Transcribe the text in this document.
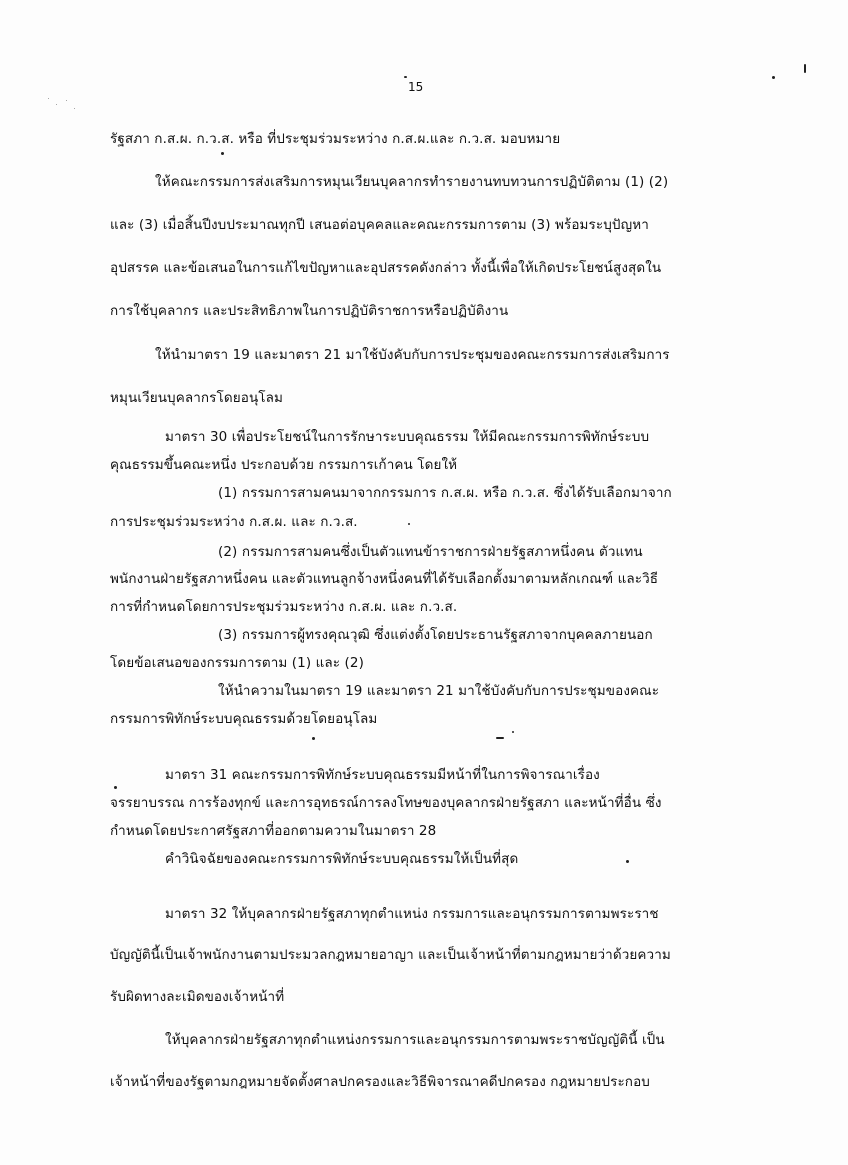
15
รัฐสภา ก.ส.ผ. ก.ว.ส. หรือ ที่ประชุมร่วมระหว่าง ก.ส.ผ.และ ก.ว.ส. มอบหมาย
ให้คณะกรรมการส่งเสริมการหมุนเวียนบุคลากรทำรายงานทบทวนการปฏิบัติตาม (1) (2)
และ (3) เมื่อสิ้นปีงบประมาณทุกปี เสนอต่อบุคคลและคณะกรรมการตาม (3) พร้อมระบุปัญหา
อุปสรรค และข้อเสนอในการแก้ไขปัญหาและอุปสรรคดังกล่าว ทั้งนี้เพื่อให้เกิดประโยชน์สูงสุดใน
การใช้บุคลากร และประสิทธิภาพในการปฏิบัติราชการหรือปฏิบัติงาน
ให้นำมาตรา 19 และมาตรา 21 มาใช้บังคับกับการประชุมของคณะกรรมการส่งเสริมการ
หมุนเวียนบุคลากรโดยอนุโลม
มาตรา 30 เพื่อประโยชน์ในการรักษาระบบคุณธรรม ให้มีคณะกรรมการพิทักษ์ระบบ
คุณธรรมขึ้นคณะหนึ่ง ประกอบด้วย กรรมการเก้าคน โดยให้
(1) กรรมการสามคนมาจากกรรมการ ก.ส.ผ. หรือ ก.ว.ส. ซึ่งได้รับเลือกมาจาก
การประชุมร่วมระหว่าง ก.ส.ผ. และ ก.ว.ส.
(2) กรรมการสามคนซึ่งเป็นตัวแทนข้าราชการฝ่ายรัฐสภาหนึ่งคน ตัวแทน
พนักงานฝ่ายรัฐสภาหนึ่งคน และตัวแทนลูกจ้างหนึ่งคนที่ได้รับเลือกตั้งมาตามหลักเกณฑ์ และวิธี
การที่กำหนดโดยการประชุมร่วมระหว่าง ก.ส.ผ. และ ก.ว.ส.
(3) กรรมการผู้ทรงคุณวุฒิ ซึ่งแต่งตั้งโดยประธานรัฐสภาจากบุคคลภายนอก
โดยข้อเสนอของกรรมการตาม (1) และ (2)
ให้นำความในมาตรา 19 และมาตรา 21 มาใช้บังคับกับการประชุมของคณะ
กรรมการพิทักษ์ระบบคุณธรรมด้วยโดยอนุโลม
มาตรา 31 คณะกรรมการพิทักษ์ระบบคุณธรรมมีหน้าที่ในการพิจารณาเรื่อง
จรรยาบรรณ การร้องทุกข์ และการอุทธรณ์การลงโทษของบุคลากรฝ่ายรัฐสภา และหน้าที่อื่น ซึ่ง
กำหนดโดยประกาศรัฐสภาที่ออกตามความในมาตรา 28
คำวินิจฉัยของคณะกรรมการพิทักษ์ระบบคุณธรรมให้เป็นที่สุด
มาตรา 32 ให้บุคลากรฝ่ายรัฐสภาทุกตำแหน่ง กรรมการและอนุกรรมการตามพระราช
บัญญัตินี้เป็นเจ้าพนักงานตามประมวลกฎหมายอาญา และเป็นเจ้าหน้าที่ตามกฎหมายว่าด้วยความ
รับผิดทางละเมิดของเจ้าหน้าที่
ให้บุคลากรฝ่ายรัฐสภาทุกตำแหน่งกรรมการและอนุกรรมการตามพระราชบัญญัตินี้ เป็น
เจ้าหน้าที่ของรัฐตามกฎหมายจัดตั้งศาลปกครองและวิธีพิจารณาคดีปกครอง กฎหมายประกอบ
